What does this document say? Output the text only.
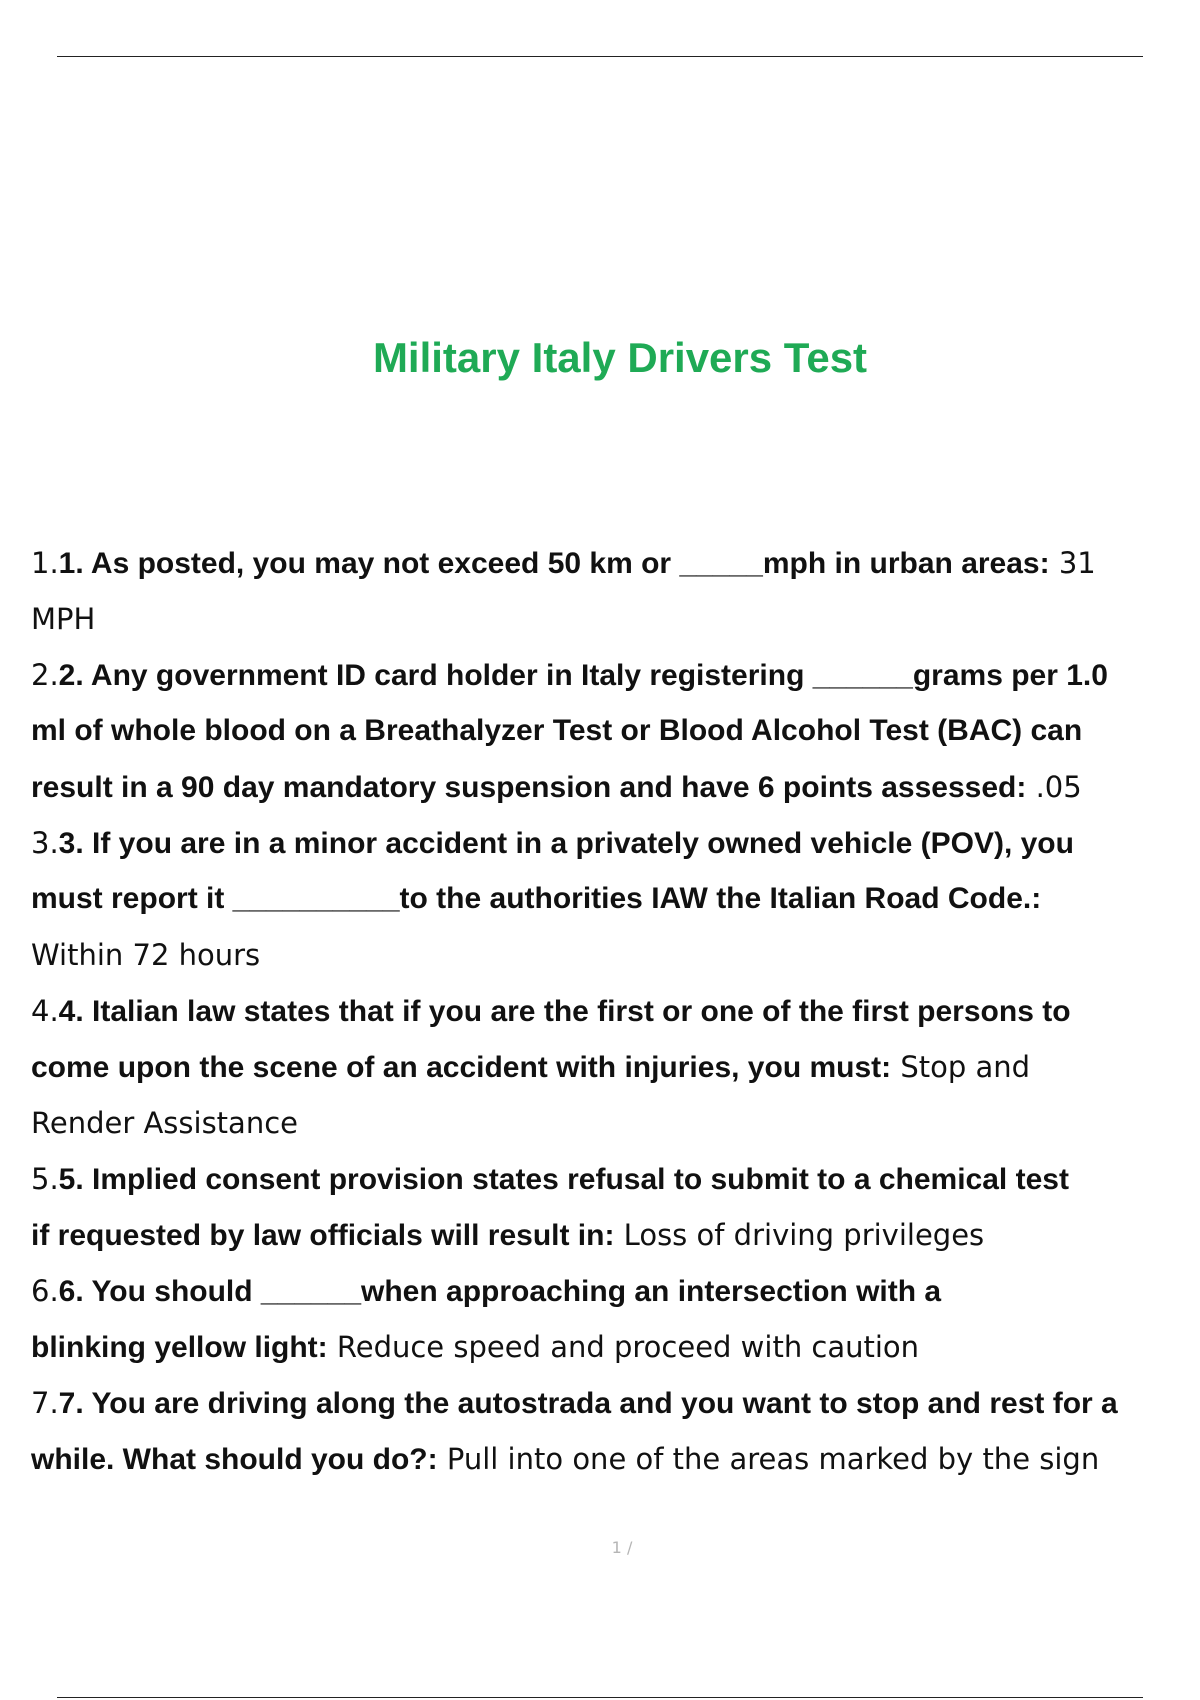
Military Italy Drivers Test
1.1. As posted, you may not exceed 50 km or _____mph in urban areas: 31
MPH
2.2. Any government ID card holder in Italy registering ______grams per 1.0
ml of whole blood on a Breathalyzer Test or Blood Alcohol Test (BAC) can
result in a 90 day mandatory suspension and have 6 points assessed: .05
3.3. If you are in a minor accident in a privately owned vehicle (POV), you
must report it __________to the authorities IAW the Italian Road Code.:
Within 72 hours
4.4. Italian law states that if you are the first or one of the first persons to
come upon the scene of an accident with injuries, you must: Stop and
Render Assistance
5.5. Implied consent provision states refusal to submit to a chemical test
if requested by law officials will result in: Loss of driving privileges
6.6. You should ______when approaching an intersection with a
blinking yellow light: Reduce speed and proceed with caution
7.7. You are driving along the autostrada and you want to stop and rest for a
while. What should you do?: Pull into one of the areas marked by the sign
1 /
